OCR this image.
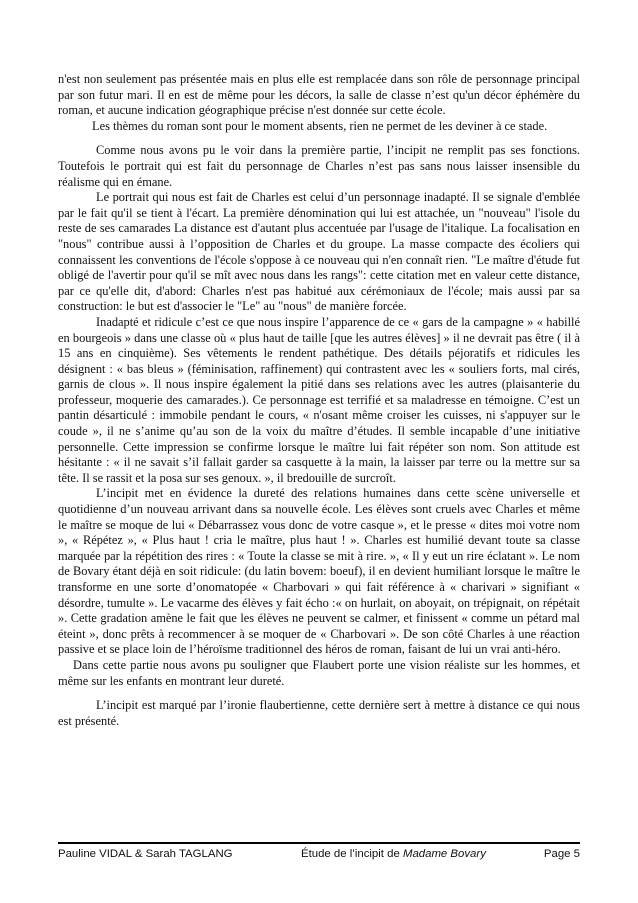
n'est non seulement pas présentée mais en plus elle est remplacée dans son rôle de personnage principal par son futur mari. Il en est de même pour les décors, la salle de classe n’est qu'un décor éphémère du roman, et aucune indication géographique précise n'est donnée sur cette école.

Les thèmes du roman sont pour le moment absents, rien ne permet de les deviner à ce stade.

Comme nous avons pu le voir dans la première partie, l’incipit ne remplit pas ses fonctions. Toutefois le portrait qui est fait du personnage de Charles n’est pas sans nous laisser insensible du réalisme qui en émane.

Le portrait qui nous est fait de Charles est celui d’un personnage inadapté. Il se signale d'emblée par le fait qu'il se tient à l'écart. La première dénomination qui lui est attachée, un "nouveau" l'isole du reste de ses camarades La distance est d'autant plus accentuée par l'usage de l'italique. La focalisation en "nous" contribue aussi à l’opposition de Charles et du groupe. La masse compacte des écoliers qui connaissent les conventions de l'école s'oppose à ce nouveau qui n'en connaît rien. "Le maître d'étude fut obligé de l'avertir pour qu'il se mît avec nous dans les rangs": cette citation met en valeur cette distance, par ce qu'elle dit, d'abord: Charles n'est pas habitué aux cérémoniaux de l'école; mais aussi par sa construction: le but est d'associer le "Le" au "nous" de manière forcée.

Inadapté et ridicule c’est ce que nous inspire l’apparence de ce « gars de la campagne » « habillé en bourgeois » dans une classe où « plus haut de taille [que les autres élèves] » il ne devrait pas être ( il à 15 ans en cinquième). Ses vêtements le rendent pathétique. Des détails péjoratifs et ridicules les désignent : « bas bleus » (féminisation, raffinement) qui contrastent avec les « souliers forts, mal cirés, garnis de clous ». Il nous inspire également la pitié dans ses relations avec les autres (plaisanterie du professeur, moquerie des camarades.). Ce personnage est terrifié et sa maladresse en témoigne. C’est un pantin désarticulé : immobile pendant le cours, « n'osant même croiser les cuisses, ni s'appuyer sur le coude », il ne s’anime qu’au son de la voix du maître d’études. Il semble incapable d’une initiative personnelle. Cette impression se confirme lorsque le maître lui fait répéter son nom. Son attitude est hésitante : « il ne savait s’il fallait garder sa casquette à la main, la laisser par terre ou la mettre sur sa tête. Il se rassit et la posa sur ses genoux. », il bredouille de surcroît.

L’incipit met en évidence la dureté des relations humaines dans cette scène universelle et quotidienne d’un nouveau arrivant dans sa nouvelle école. Les élèves sont cruels avec Charles et même le maître se moque de lui « Débarrassez vous donc de votre casque », et le presse « dites moi votre nom », « Répétez », « Plus haut ! cria le maître, plus haut ! ». Charles est humilié devant toute sa classe marquée par la répétition des rires : « Toute la classe se mit à rire. », « Il y eut un rire éclatant ». Le nom de Bovary étant déjà en soit ridicule: (du latin bovem: boeuf), il en devient humiliant lorsque le maître le transforme en une sorte d’onomatopée « Charbovari » qui fait référence à « charivari » signifiant « désordre, tumulte ». Le vacarme des élèves y fait écho :« on hurlait, on aboyait, on trépignait, on répétait ». Cette gradation amène le fait que les élèves ne peuvent se calmer, et finissent « comme un pétard mal éteint », donc prêts à recommencer à se moquer de « Charbovari ». De son côté Charles à une réaction passive et se place loin de l’héroïsme traditionnel des héros de roman, faisant de lui un vrai anti-héro.

Dans cette partie nous avons pu souligner que Flaubert porte une vision réaliste sur les hommes, et même sur les enfants en montrant leur dureté.

L’incipit est marqué par l’ironie flaubertienne, cette dernière sert à mettre à distance ce qui nous est présenté.

Pauline VIDAL & Sarah TAGLANG	Étude de l’incipit de Madame Bovary	Page 5
